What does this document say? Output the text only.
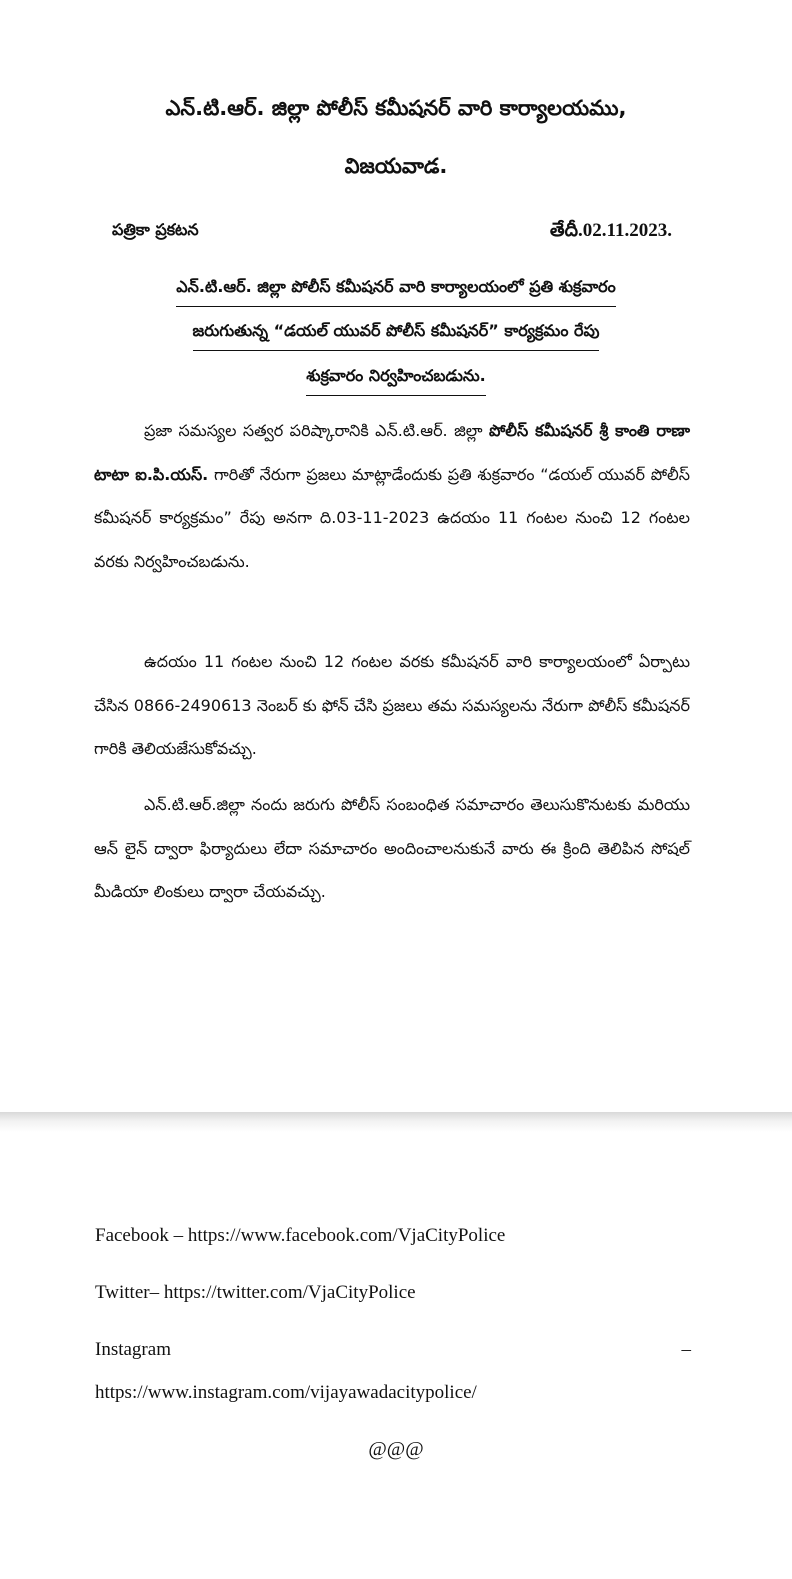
ఎన్.టి.ఆర్. జిల్లా పోలీస్ కమీషనర్ వారి కార్యాలయము,
విజయవాడ.
పత్రికా ప్రకటన	తేదీ.02.11.2023.
ఎన్.టి.ఆర్. జిల్లా పోలీస్ కమీషనర్ వారి కార్యాలయంలో ప్రతి శుక్రవారం
జరుగుతున్న “డయల్ యువర్ పోలీస్ కమీషనర్” కార్యక్రమం రేపు
శుక్రవారం నిర్వహించబడును.
ప్రజా సమస్యల సత్వర పరిష్కారానికి ఎన్.టి.ఆర్. జిల్లా పోలీస్ కమీషనర్ శ్రీ కాంతి రాణా టాటా ఐ.పి.యస్. గారితో నేరుగా ప్రజలు మాట్లాడేందుకు ప్రతి శుక్రవారం “డయల్ యువర్ పోలీస్ కమీషనర్ కార్యక్రమం” రేపు అనగా ది.03-11-2023 ఉదయం 11 గంటల నుంచి 12 గంటల వరకు నిర్వహించబడును.
ఉదయం 11 గంటల నుంచి 12 గంటల వరకు కమీషనర్ వారి కార్యాలయంలో ఏర్పాటు చేసిన 0866-2490613 నెంబర్ కు ఫోన్ చేసి ప్రజలు తమ సమస్యలను నేరుగా పోలీస్ కమీషనర్ గారికి తెలియజేసుకోవచ్చు.
ఎన్.టి.ఆర్.జిల్లా నందు జరుగు పోలీస్ సంబంధిత సమాచారం తెలుసుకొనుటకు మరియు ఆన్ లైన్ ద్వారా ఫిర్యాదులు లేదా సమాచారం అందించాలనుకునే వారు ఈ క్రింది తెలిపిన సోషల్ మీడియా లింకులు ద్వారా చేయవచ్చు.
Facebook – https://www.facebook.com/VjaCityPolice
Twitter– https://twitter.com/VjaCityPolice
Instagram	–
https://www.instagram.com/vijayawadacitypolice/
@@@
